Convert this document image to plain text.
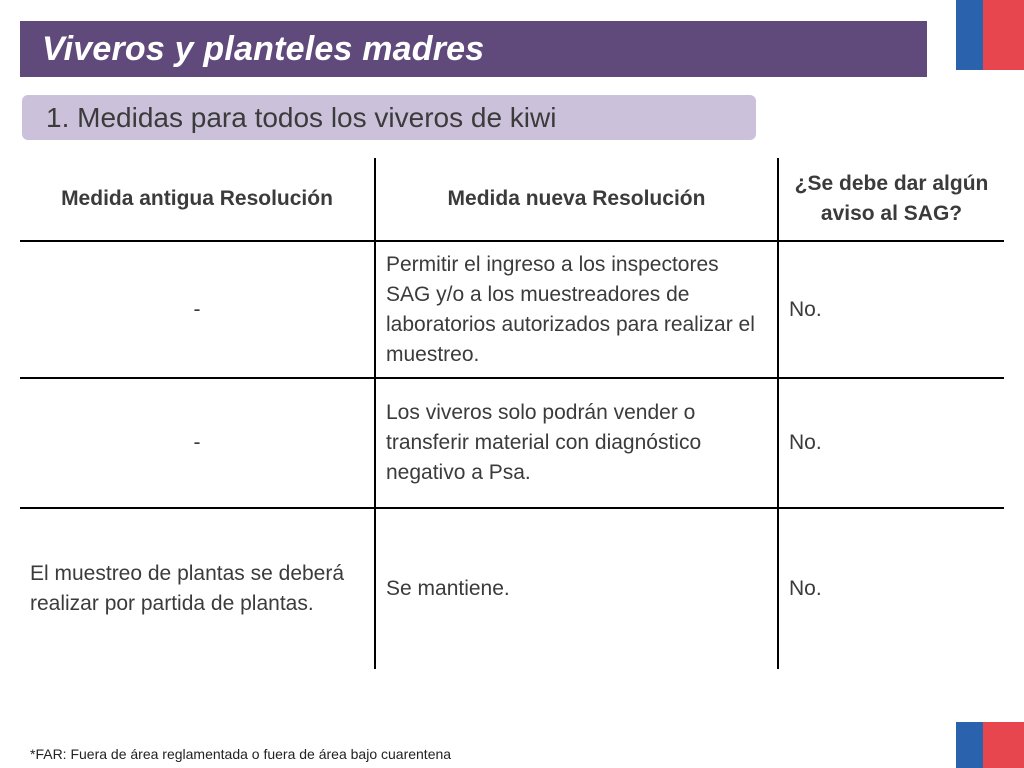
Viveros y planteles madres
1. Medidas para todos los viveros de kiwi
Medida antigua Resolución	Medida nueva Resolución	¿Se debe dar algún aviso al SAG?
-	Permitir el ingreso a los inspectores SAG y/o a los muestreadores de laboratorios autorizados para realizar el muestreo.	No.
-	Los viveros solo podrán vender o transferir material con diagnóstico negativo a Psa.	No.
El muestreo de plantas se deberá realizar por partida de plantas.	Se mantiene.	No.
*FAR: Fuera de área reglamentada o fuera de área bajo cuarentena
